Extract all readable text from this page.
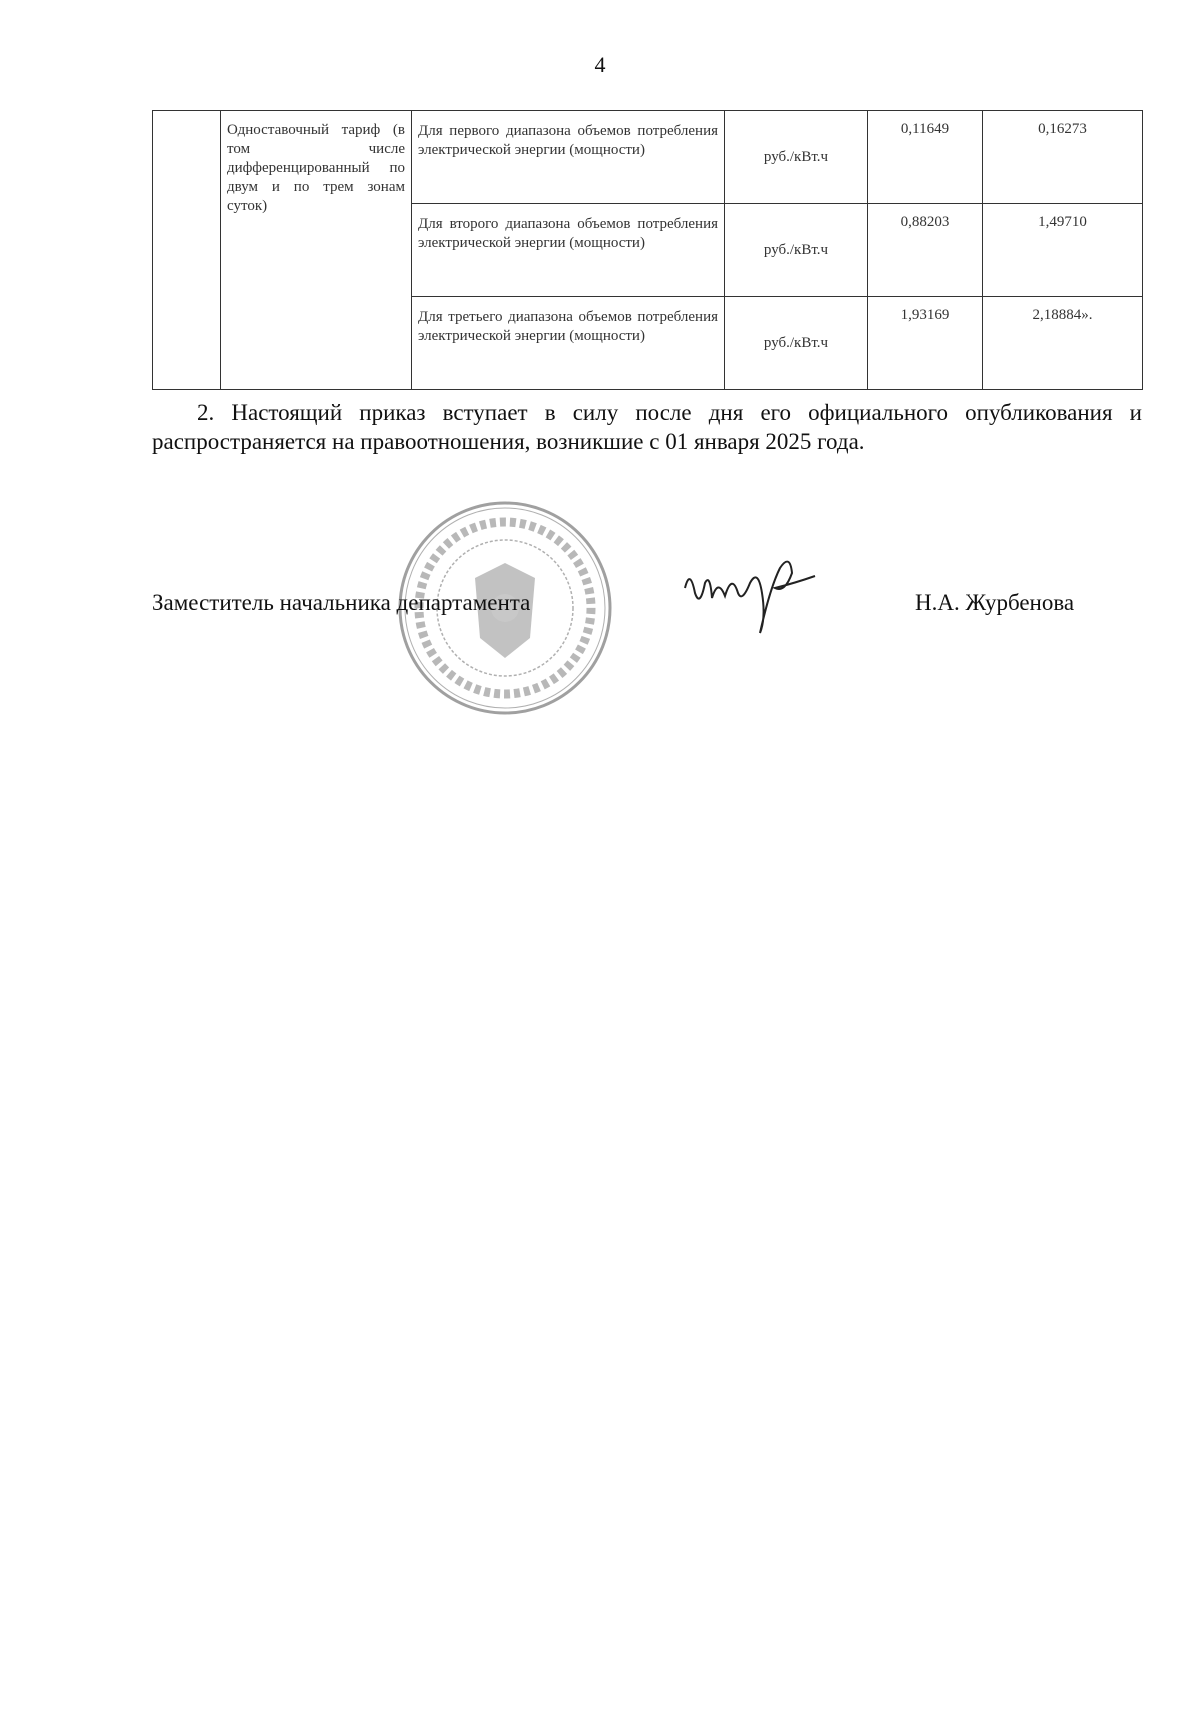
4
	Одноставочный тариф (в том числе дифференцированный по двум и по трем зонам суток)	Для первого диапазона объемов потребления электрической энергии (мощности)	руб./кВт.ч	0,11649	0,16273
		Для второго диапазона объемов потребления электрической энергии (мощности)	руб./кВт.ч	0,88203	1,49710
		Для третьего диапазона объемов потребления электрической энергии (мощности)	руб./кВт.ч	1,93169	2,18884».
2. Настоящий приказ вступает в силу после дня его официального опубликования и распространяется на правоотношения, возникшие с 01 января 2025 года.
Заместитель начальника департамента	Н.А. Журбенова
